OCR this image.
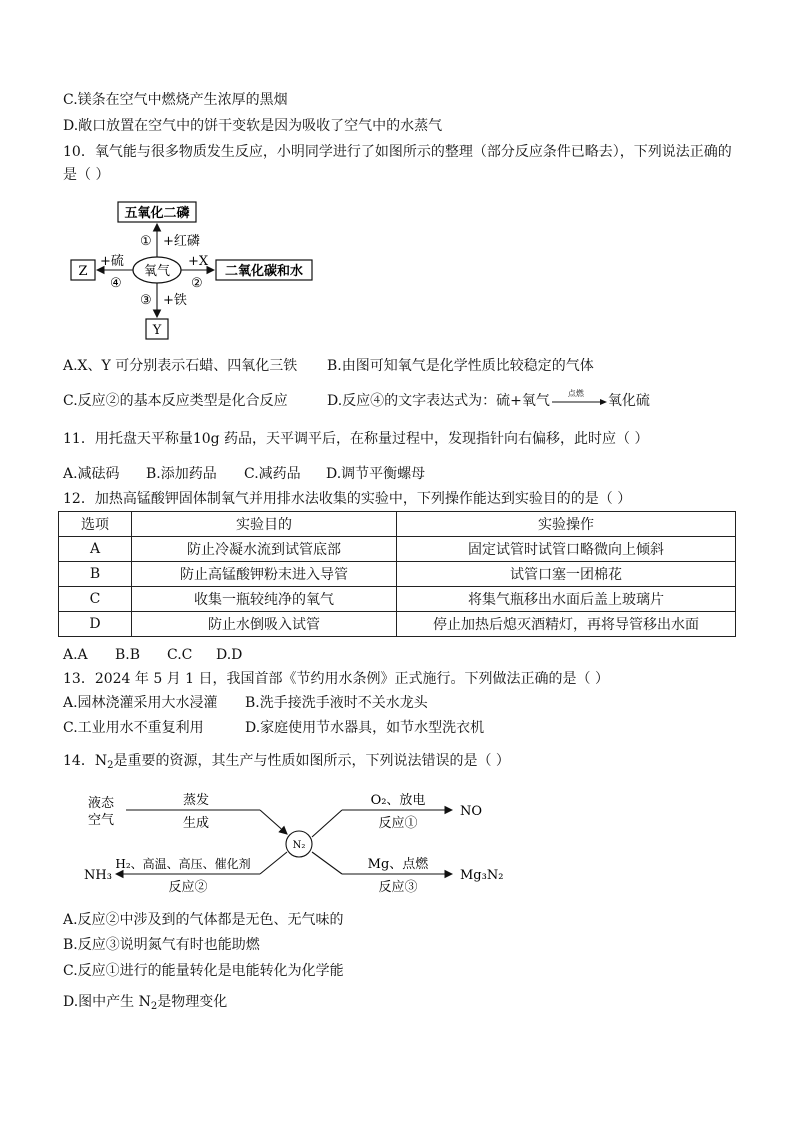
C.镁条在空气中燃烧产生浓厚的黑烟
D.敞口放置在空气中的饼干变软是因为吸收了空气中的水蒸气
10．氧气能与很多物质发生反应，小明同学进行了如图所示的整理（部分反应条件已略去），下列说法正确的
是（ ）
五氧化二磷
二氧化碳和水
Z
Y
氧气
① +红磷
+X
②
③ +铁
+硫
④
A.X、Y 可分别表示石蜡、四氧化三铁 B.由图可知氧气是化学性质比较稳定的气体
C.反应②的基本反应类型是化合反应	D.反应④的文字表达式为：硫+氧气 点燃 氧化硫
11．用托盘天平称量10g 药品，天平调平后，在称量过程中，发现指针向右偏移，此时应（ ）
A.减砝码 B.添加药品 C.减药品 D.调节平衡螺母
12．加热高锰酸钾固体制氧气并用排水法收集的实验中，下列操作能达到实验目的的是（ ）
选项	实验目的	实验操作
A	防止冷凝水流到试管底部	固定试管时试管口略微向上倾斜
B	防止高锰酸钾粉末进入导管	试管口塞一团棉花
C	收集一瓶较纯净的氧气	将集气瓶移出水面后盖上玻璃片
D	防止水倒吸入试管	停止加热后熄灭酒精灯，再将导管移出水面
A.A B.B C.C D.D
13．2024 年 5 月 1 日，我国首部《节约用水条例》正式施行。下列做法正确的是（ ）
A.园林浇灌采用大水浸灌 B.洗手接洗手液时不关水龙头
C.工业用水不重复利用	D.家庭使用节水器具，如节水型洗衣机
14．$N_2$是重要的资源，其生产与性质如图所示，下列说法错误的是（ ）
液态
空气
蒸发
生成
N₂
O₂、放电
反应①
NO
H₂、高温、高压、催化剂
反应②
NH₃
Mg、点燃
反应③
Mg₃N₂
A.反应②中涉及到的气体都是无色、无气味的
B.反应③说明氮气有时也能助燃
C.反应①进行的能量转化是电能转化为化学能
D.图中产生 $N_2$是物理变化
